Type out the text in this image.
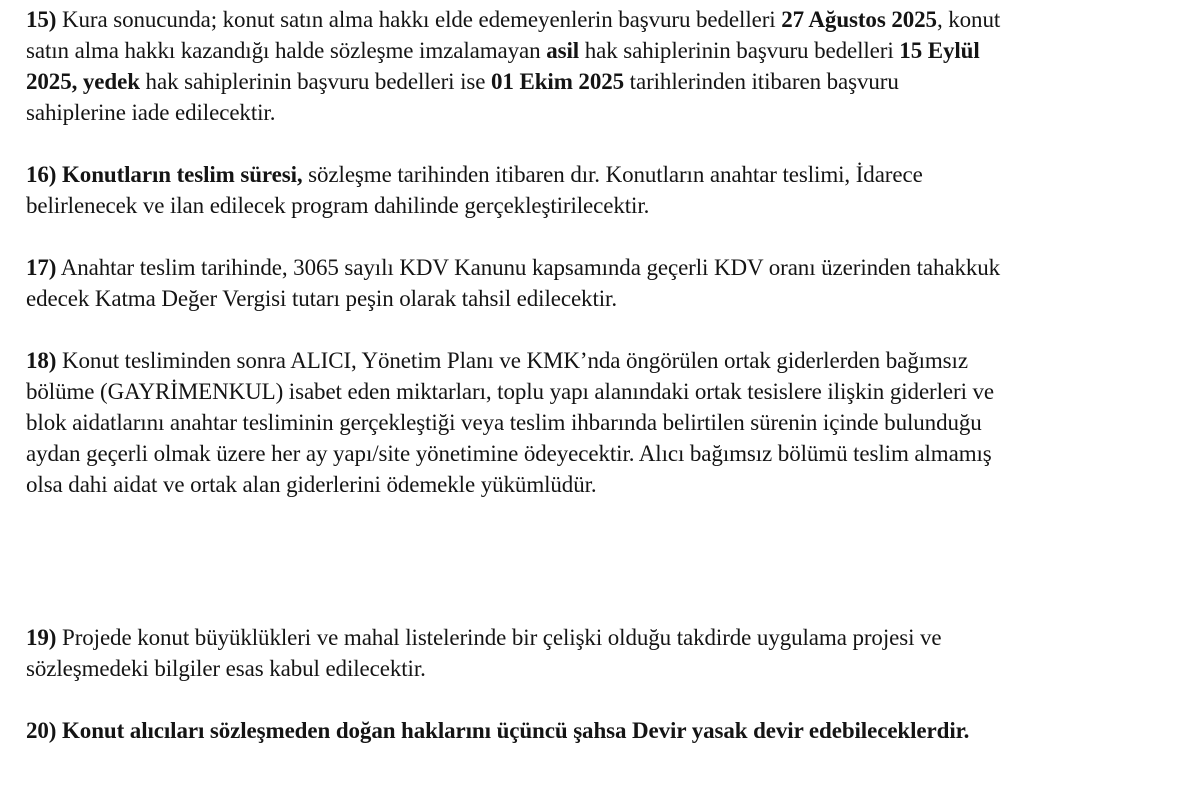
15) Kura sonucunda; konut satın alma hakkı elde edemeyenlerin başvuru bedelleri 27 Ağustos 2025, konut
satın alma hakkı kazandığı halde sözleşme imzalamayan asil hak sahiplerinin başvuru bedelleri 15 Eylül
2025, yedek hak sahiplerinin başvuru bedelleri ise 01 Ekim 2025 tarihlerinden itibaren başvuru
sahiplerine iade edilecektir.
16) Konutların teslim süresi, sözleşme tarihinden itibaren dır. Konutların anahtar teslimi, İdarece
belirlenecek ve ilan edilecek program dahilinde gerçekleştirilecektir.
17) Anahtar teslim tarihinde, 3065 sayılı KDV Kanunu kapsamında geçerli KDV oranı üzerinden tahakkuk
edecek Katma Değer Vergisi tutarı peşin olarak tahsil edilecektir.
18) Konut tesliminden sonra ALICI, Yönetim Planı ve KMK’nda öngörülen ortak giderlerden bağımsız
bölüme (GAYRİMENKUL) isabet eden miktarları, toplu yapı alanındaki ortak tesislere ilişkin giderleri ve
blok aidatlarını anahtar tesliminin gerçekleştiği veya teslim ihbarında belirtilen sürenin içinde bulunduğu
aydan geçerli olmak üzere her ay yapı/site yönetimine ödeyecektir. Alıcı bağımsız bölümü teslim almamış
olsa dahi aidat ve ortak alan giderlerini ödemekle yükümlüdür.
19) Projede konut büyüklükleri ve mahal listelerinde bir çelişki olduğu takdirde uygulama projesi ve
sözleşmedeki bilgiler esas kabul edilecektir.
20) Konut alıcıları sözleşmeden doğan haklarını üçüncü şahsa Devir yasak devir edebileceklerdir.
